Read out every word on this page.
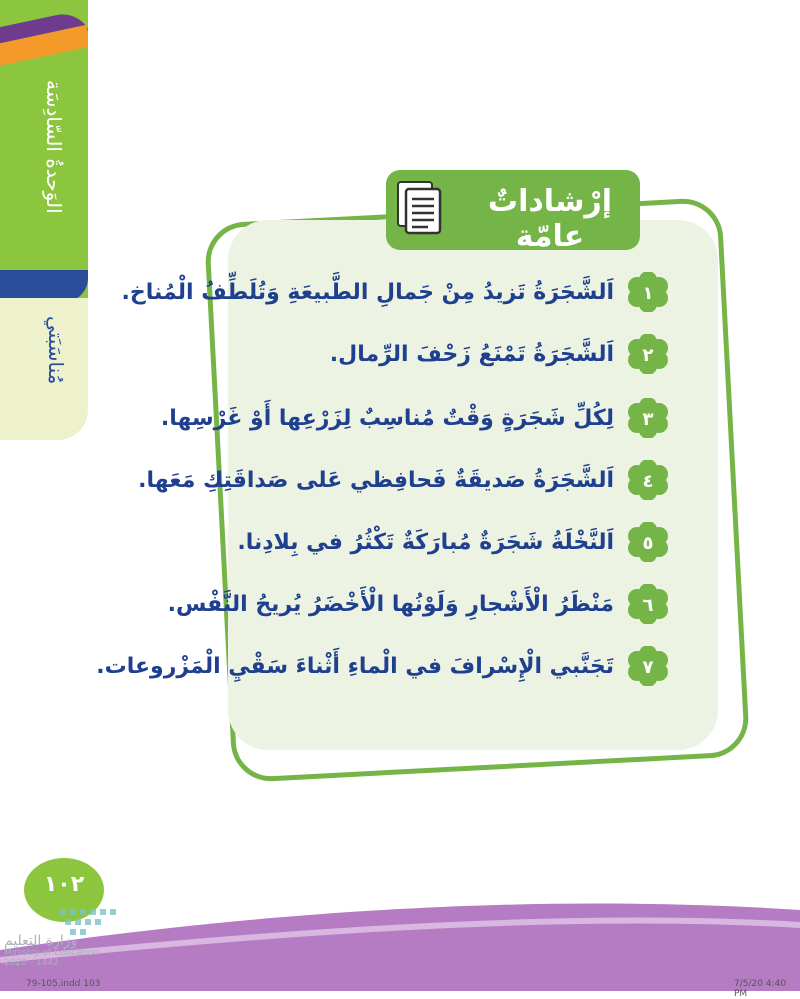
الوَحدةُ السّادِسَة
مُناسَبَتي
إرْشاداتٌ عامّة
١
اَلشَّجَرَةُ تَزيدُ مِنْ جَمالِ الطَّبيعَةِ وَتُلَطِّفُ الْمُناخ.
٢
اَلشَّجَرَةُ تَمْنَعُ زَحْفَ الرِّمال.
٣
لِكُلِّ شَجَرَةٍ وَقْتٌ مُناسِبٌ لِزَرْعِها أَوْ غَرْسِها.
٤
اَلشَّجَرَةُ صَديقَةٌ فَحافِظي عَلى صَداقَتِكِ مَعَها.
٥
اَلنَّخْلَةُ شَجَرَةٌ مُبارَكَةٌ تَكْثُرُ في بِلادِنا.
٦
مَنْظَرُ الْأَشْجارِ وَلَوْنُها الْأَخْضَرُ يُريحُ النَّفْس.
٧
تَجَنَّبي الْإِسْرافَ في الْماءِ أَثْناءَ سَقْيِ الْمَزْروعات.
١٠٢
وزارة التعليم
Ministry of Education
2020 - 1442
79-105.indd 103	7/5/20 4:40 PM
